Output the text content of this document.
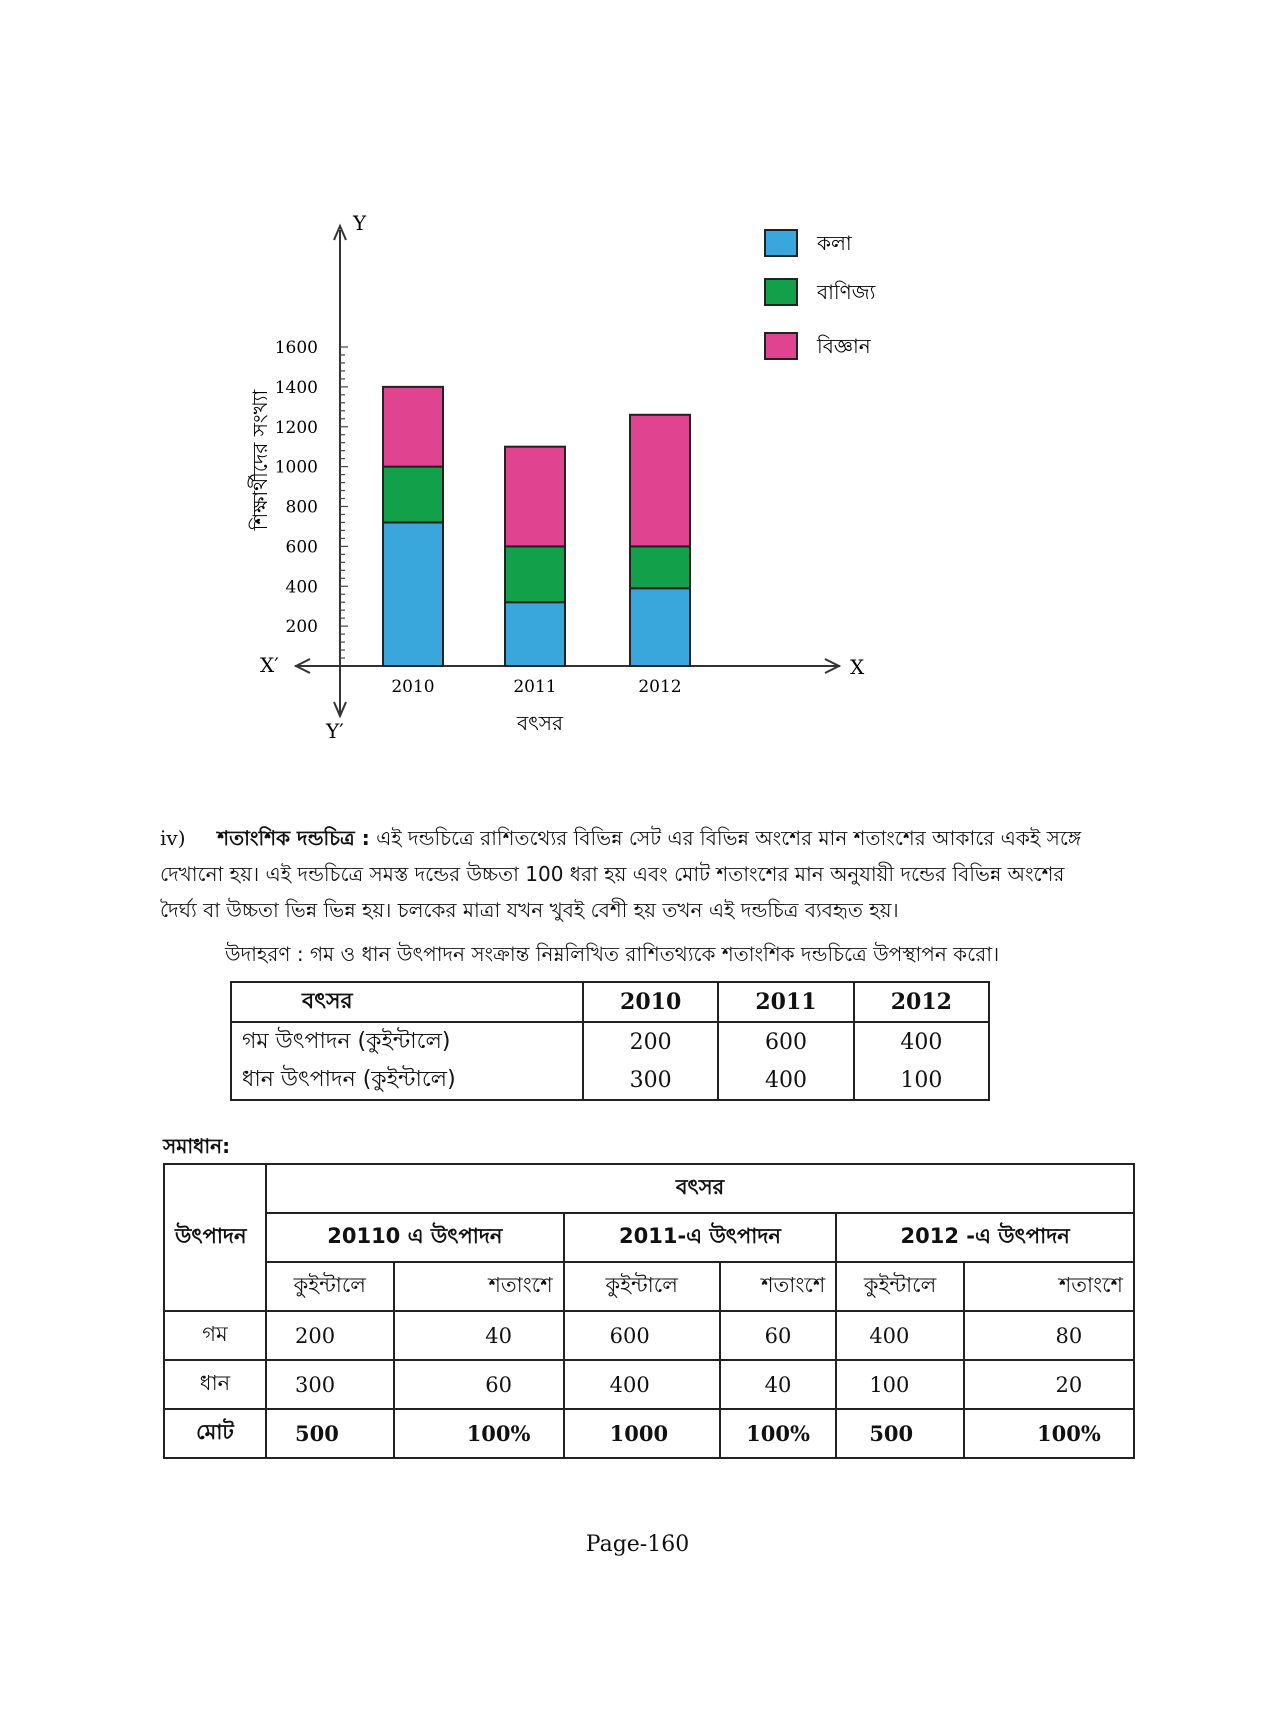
Y
Y′
X′	X
বৎসর
শিক্ষার্থীদের সংখ্যা
2010	2011	2012
200
400
600
800
1000
1200
1400
1600
কলা
বাণিজ্য
বিজ্ঞান
iv) শতাংশিক দন্ডচিত্র : এই দন্ডচিত্রে রাশিতথ্যের বিভিন্ন সেট এর বিভিন্ন অংশের মান শতাংশের আকারে একই সঙ্গে
দেখানো হয়। এই দন্ডচিত্রে সমস্ত দন্ডের উচ্চতা 100 ধরা হয় এবং মোট শতাংশের মান অনুযায়ী দন্ডের বিভিন্ন অংশের
দৈর্ঘ্য বা উচ্চতা ভিন্ন ভিন্ন হয়। চলকের মাত্রা যখন খুবই বেশী হয় তখন এই দন্ডচিত্র ব্যবহৃত হয়।
উদাহরণ : গম ও ধান উৎপাদন সংক্রান্ত নিম্নলিখিত রাশিতথ্যকে শতাংশিক দন্ডচিত্রে উপস্থাপন করো।
বৎসর	2010	2011	2012
গম উৎপাদন (কুইন্টালে)	200	600	400
ধান উৎপাদন (কুইন্টালে)	300	400	100
সমাধান:
উৎপাদন	বৎসর					
	20110 এ উৎপাদন		2011-এ উৎপাদন		2012 -এ উৎপাদন	
	কুইন্টালে	শতাংশে	কুইন্টালে	শতাংশে	কুইন্টালে	শতাংশে
গম	200	40	600	60	400	80
ধান	300	60	400	40	100	20
মোট	500	100%	1000	100%	500	100%
Page-160
